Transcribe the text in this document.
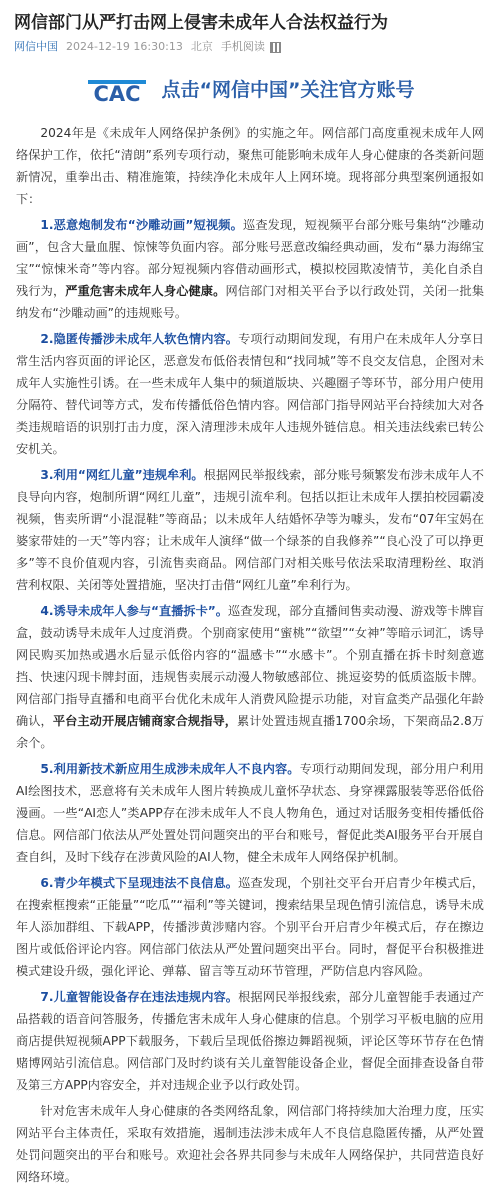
网信部门从严打击网上侵害未成年人合法权益行为
网信中国 2024-12-19 16:30:13 北京 手机阅读
CAC 点击“网信中国”关注官方账号

2024年是《未成年人网络保护条例》的实施之年。网信部门高度重视未成年人网络保护工作，依托“清朗”系列专项行动，聚焦可能影响未成年人身心健康的各类新问题新情况，重拳出击、精准施策，持续净化未成年人上网环境。现将部分典型案例通报如下：

1.恶意炮制发布“沙雕动画”短视频。巡查发现，短视频平台部分账号集纳“沙雕动画”，包含大量血腥、惊悚等负面内容。部分账号恶意改编经典动画，发布“暴力海绵宝宝”“惊悚米奇”等内容。部分短视频内容借动画形式，模拟校园欺凌情节，美化自杀自残行为，严重危害未成年人身心健康。网信部门对相关平台予以行政处罚，关闭一批集纳发布“沙雕动画”的违规账号。

2.隐匿传播涉未成年人软色情内容。专项行动期间发现，有用户在未成年人分享日常生活内容页面的评论区，恶意发布低俗表情包和“找同城”等不良交友信息，企图对未成年人实施性引诱。在一些未成年人集中的频道版块、兴趣圈子等环节，部分用户使用分隔符、替代词等方式，发布传播低俗色情内容。网信部门指导网站平台持续加大对各类违规暗语的识别打击力度，深入清理涉未成年人违规外链信息。相关违法线索已转公安机关。

3.利用“网红儿童”违规牟利。根据网民举报线索，部分账号频繁发布涉未成年人不良导向内容，炮制所谓“网红儿童”，违规引流牟利。包括以拒让未成年人摆拍校园霸凌视频，售卖所谓“小混混鞋”等商品；以未成年人结婚怀孕等为噱头，发布“07年宝妈在婆家带娃的一天”等内容；让未成年人演绎“做一个绿茶的自我修养”“良心没了可以挣更多”等不良价值观内容，引流售卖商品。网信部门对相关账号依法采取清理粉丝、取消营利权限、关闭等处置措施，坚决打击借“网红儿童”牟利行为。

4.诱导未成年人参与“直播拆卡”。巡查发现，部分直播间售卖动漫、游戏等卡牌盲盒，鼓动诱导未成年人过度消费。个别商家使用“蜜桃”“欲望”“女神”等暗示词汇，诱导网民购买加热或遇水后显示低俗内容的“温感卡”“水感卡”。个别直播在拆卡时刻意遮挡、快速闪现卡牌封面，违规售卖展示动漫人物敏感部位、挑逗姿势的低质盗版卡牌。网信部门指导直播和电商平台优化未成年人消费风险提示功能，对盲盒类产品强化年龄确认，平台主动开展店铺商家合规指导，累计处置违规直播1700余场，下架商品2.8万余个。

5.利用新技术新应用生成涉未成年人不良内容。专项行动期间发现，部分用户利用AI绘图技术，恶意将有关未成年人图片转换成儿童怀孕状态、身穿裸露服装等恶俗低俗漫画。一些“AI恋人”类APP存在涉未成年人不良人物角色，通过对话服务变相传播低俗信息。网信部门依法从严处置处罚问题突出的平台和账号，督促此类AI服务平台开展自查自纠，及时下线存在涉黄风险的AI人物，健全未成年人网络保护机制。

6.青少年模式下呈现违法不良信息。巡查发现，个别社交平台开启青少年模式后，在搜索框搜索“正能量”“吃瓜”“福利”等关键词，搜索结果呈现色情引流信息，诱导未成年人添加群组、下载APP，传播涉黄涉赌内容。个别平台开启青少年模式后，存在擦边图片或低俗评论内容。网信部门依法从严处置问题突出平台。同时，督促平台积极推进模式建设升级，强化评论、弹幕、留言等互动环节管理，严防信息内容风险。

7.儿童智能设备存在违法违规内容。根据网民举报线索，部分儿童智能手表通过产品搭载的语音问答服务，传播危害未成年人身心健康的信息。个别学习平板电脑的应用商店提供短视频APP下载服务，下载后呈现低俗擦边舞蹈视频，评论区等环节存在色情赌博网站引流信息。网信部门及时约谈有关儿童智能设备企业，督促全面排查设备自带及第三方APP内容安全，并对违规企业予以行政处罚。

针对危害未成年人身心健康的各类网络乱象，网信部门将持续加大治理力度，压实网站平台主体责任，采取有效措施，遏制违法涉未成年人不良信息隐匿传播，从严处置处罚问题突出的平台和账号。欢迎社会各界共同参与未成年人网络保护，共同营造良好网络环境。
